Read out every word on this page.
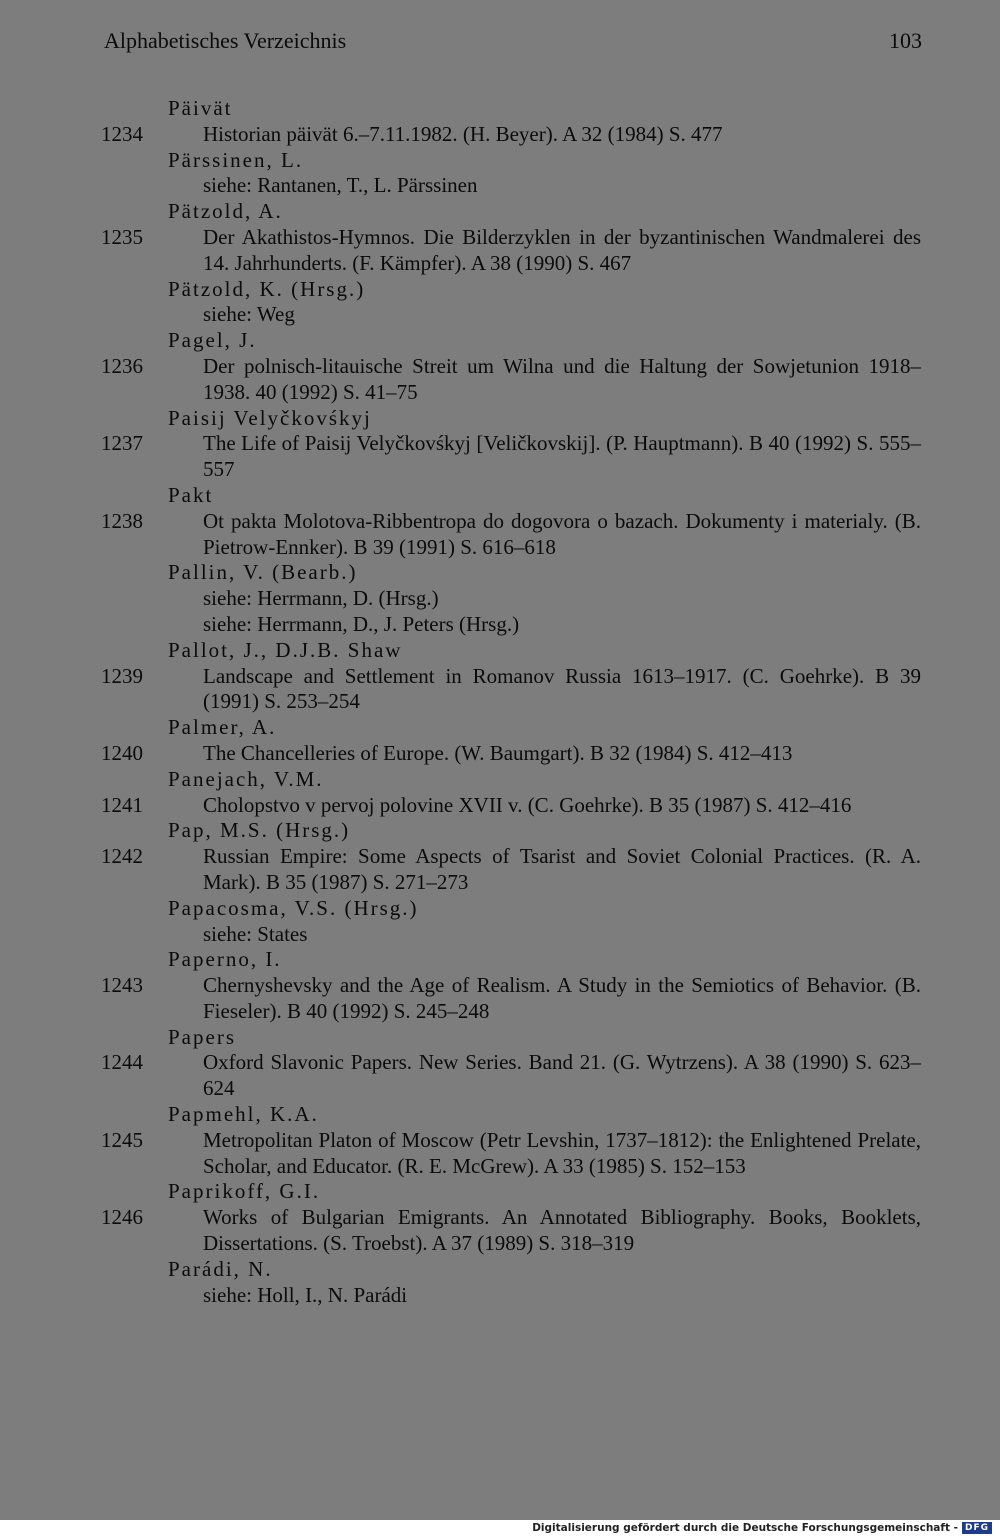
Alphabetisches Verzeichnis	103
Päivät
1234	Historian päivät 6.–7.11.1982. (H. Beyer). A 32 (1984) S. 477
Pärssinen, L.
siehe: Rantanen, T., L. Pärssinen
Pätzold, A.
1235	Der Akathistos-Hymnos. Die Bilderzyklen in der byzantinischen Wandmalerei des 14. Jahrhunderts. (F. Kämpfer). A 38 (1990) S. 467
Pätzold, K. (Hrsg.)
siehe: Weg
Pagel, J.
1236	Der polnisch-litauische Streit um Wilna und die Haltung der Sowjetunion 1918–1938. 40 (1992) S. 41–75
Paisij Velyčkovśkyj
1237	The Life of Paisij Velyčkovśkyj [Veličkovskij]. (P. Hauptmann). B 40 (1992) S. 555–557
Pakt
1238	Ot pakta Molotova-Ribbentropa do dogovora o bazach. Dokumenty i materialy. (B. Pietrow-Ennker). B 39 (1991) S. 616–618
Pallin, V. (Bearb.)
siehe: Herrmann, D. (Hrsg.)
siehe: Herrmann, D., J. Peters (Hrsg.)
Pallot, J., D.J.B. Shaw
1239	Landscape and Settlement in Romanov Russia 1613–1917. (C. Goehrke). B 39 (1991) S. 253–254
Palmer, A.
1240	The Chancelleries of Europe. (W. Baumgart). B 32 (1984) S. 412–413
Panejach, V.M.
1241	Cholopstvo v pervoj polovine XVII v. (C. Goehrke). B 35 (1987) S. 412–416
Pap, M.S. (Hrsg.)
1242	Russian Empire: Some Aspects of Tsarist and Soviet Colonial Practices. (R. A. Mark). B 35 (1987) S. 271–273
Papacosma, V.S. (Hrsg.)
siehe: States
Paperno, I.
1243	Chernyshevsky and the Age of Realism. A Study in the Semiotics of Behavior. (B. Fieseler). B 40 (1992) S. 245–248
Papers
1244	Oxford Slavonic Papers. New Series. Band 21. (G. Wytrzens). A 38 (1990) S. 623–624
Papmehl, K.A.
1245	Metropolitan Platon of Moscow (Petr Levshin, 1737–1812): the Enlightened Prelate, Scholar, and Educator. (R. E. McGrew). A 33 (1985) S. 152–153
Paprikoff, G.I.
1246	Works of Bulgarian Emigrants. An Annotated Bibliography. Books, Booklets, Dissertations. (S. Troebst). A 37 (1989) S. 318–319
Parádi, N.
siehe: Holl, I., N. Parádi
Digitalisierung gefördert durch die Deutsche Forschungsgemeinschaft - DFG
